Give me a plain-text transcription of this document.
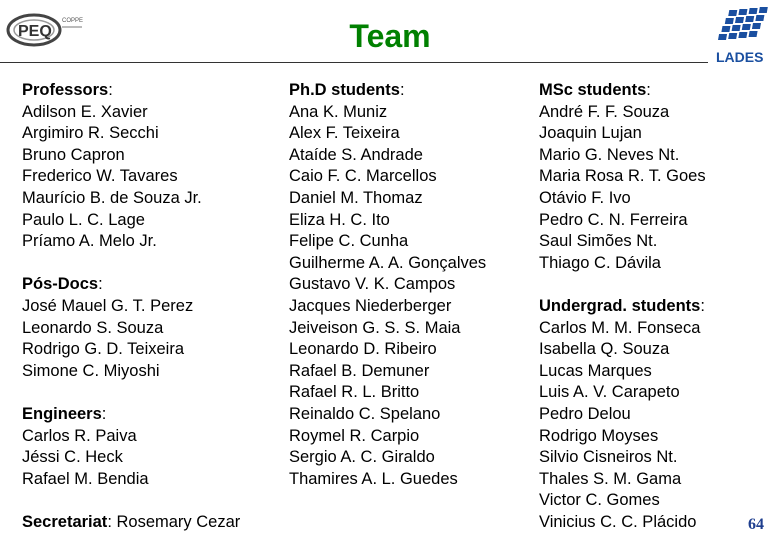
PEQ
COPPE	Team
LADES
Professors:
Adilson E. Xavier
Argimiro R. Secchi
Bruno Capron
Frederico W. Tavares
Maurício B. de Souza Jr.
Paulo L. C. Lage
Príamo A. Melo Jr.
Pós-Docs:
José Mauel G. T. Perez
Leonardo S. Souza
Rodrigo G. D. Teixeira
Simone C. Miyoshi
Engineers:
Carlos R. Paiva
Jéssi C. Heck
Rafael M. Bendia
Secretariat: Rosemary Cezar
Ph.D students:
Ana K. Muniz
Alex F. Teixeira
Ataíde S. Andrade
Caio F. C. Marcellos
Daniel M. Thomaz
Eliza H. C. Ito
Felipe C. Cunha
Guilherme A. A. Gonçalves
Gustavo V. K. Campos
Jacques Niederberger
Jeiveison G. S. S. Maia
Leonardo D. Ribeiro
Rafael B. Demuner
Rafael R. L. Britto
Reinaldo C. Spelano
Roymel R. Carpio
Sergio A. C. Giraldo
Thamires A. L. Guedes
MSc students:
André F. F. Souza
Joaquin Lujan
Mario G. Neves Nt.
Maria Rosa R. T. Goes
Otávio F. Ivo
Pedro C. N. Ferreira
Saul Simões Nt.
Thiago C. Dávila
Undergrad. students:
Carlos M. M. Fonseca
Isabella Q. Souza
Lucas Marques
Luis A. V. Carapeto
Pedro Delou
Rodrigo Moyses
Silvio Cisneiros Nt.
Thales S. M. Gama
Victor C. Gomes
Vinicius C. C. Plácido	64
